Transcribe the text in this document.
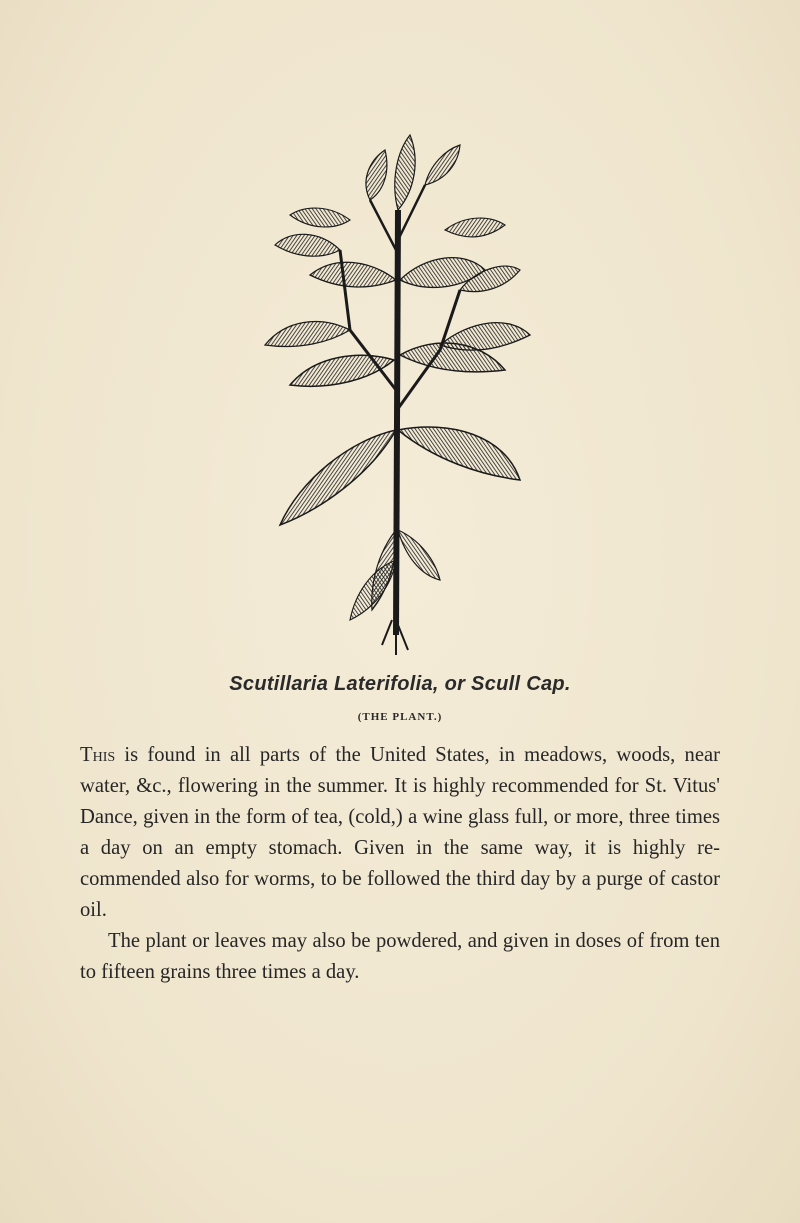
Scutillaria Laterifolia, or Scull Cap.
(THE PLANT.)

This is found in all parts of the United States, in meadows, woods, near water, &c., flowering in the summer. It is highly recommended for St. Vitus' Dance, given in the form of tea, (cold,) a wine glass full, or more, three times a day on an empty stomach. Given in the same way, it is highly re-commended also for worms, to be followed the third day by a purge of castor oil.

The plant or leaves may also be powdered, and given in doses of from ten to fifteen grains three times a day.
